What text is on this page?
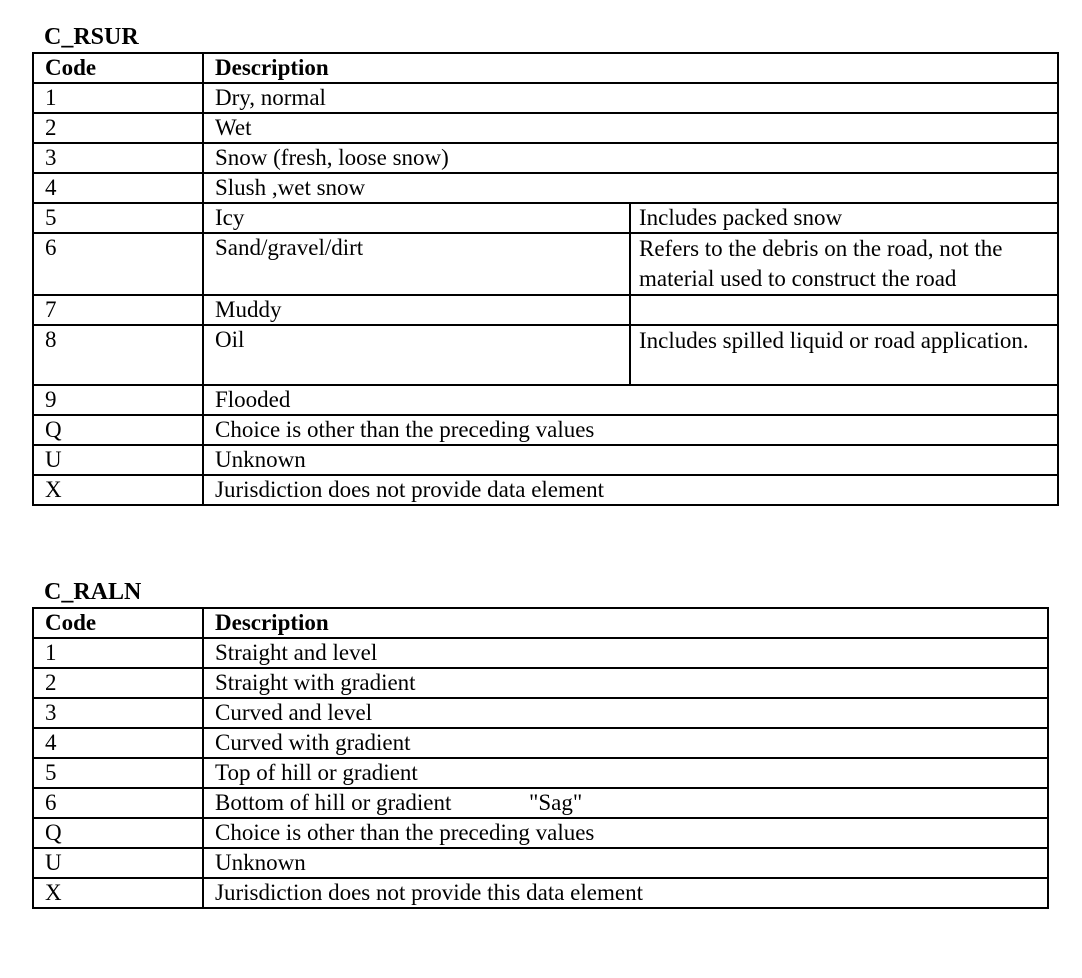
C_RSUR
Code	Description	
1	Dry, normal	
2	Wet	
3	Snow (fresh, loose snow)	
4	Slush ,wet snow	
5	Icy	Includes packed snow
6	Sand/gravel/dirt	Refers to the debris on the road, not the material used to construct the road
7	Muddy	
8	Oil	Includes spilled liquid or road application.
9	Flooded	
Q	Choice is other than the preceding values	
U	Unknown	
X	Jurisdiction does not provide data element	
C_RALN
Code	Description
1	Straight and level
2	Straight with gradient
3	Curved and level
4	Curved with gradient
5	Top of hill or gradient
6	Bottom of hill or gradient "Sag"

Q	Choice is other than the preceding values
U	Unknown
X	Jurisdiction does not provide this data element
